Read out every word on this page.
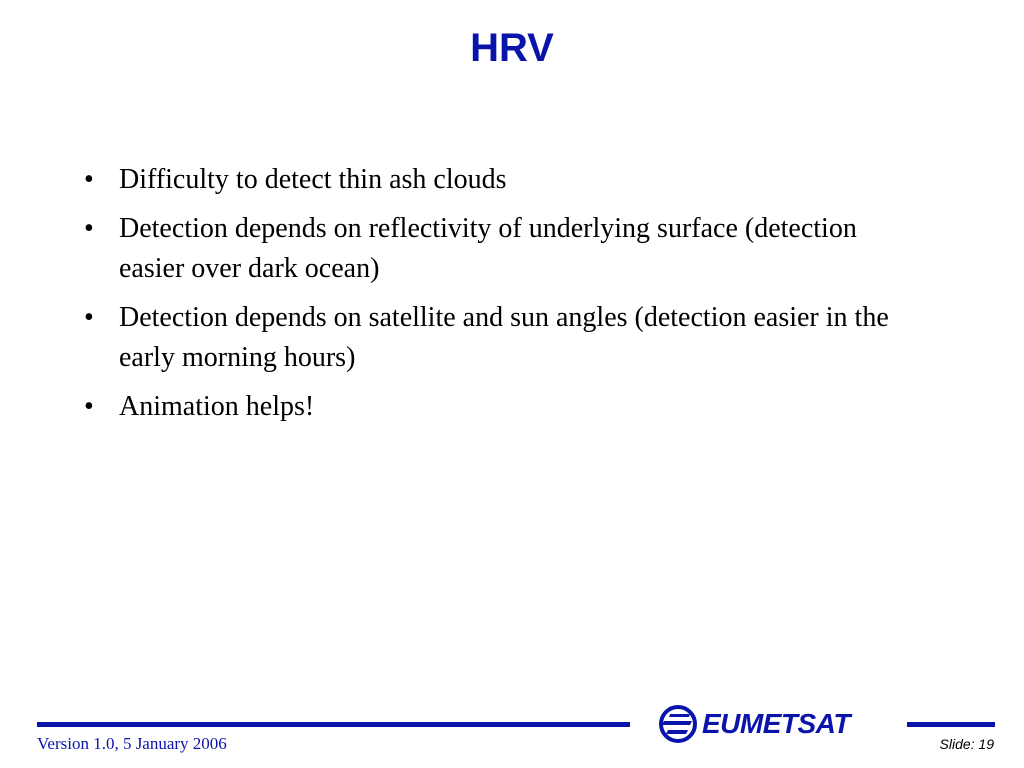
HRV
• Difficulty to detect thin ash clouds
• Detection depends on reflectivity of underlying surface (detection easier over dark ocean)
• Detection depends on satellite and sun angles (detection easier in the early morning hours)
• Animation helps!
EUMETSAT
Version 1.0, 5 January 2006	Slide: 19
